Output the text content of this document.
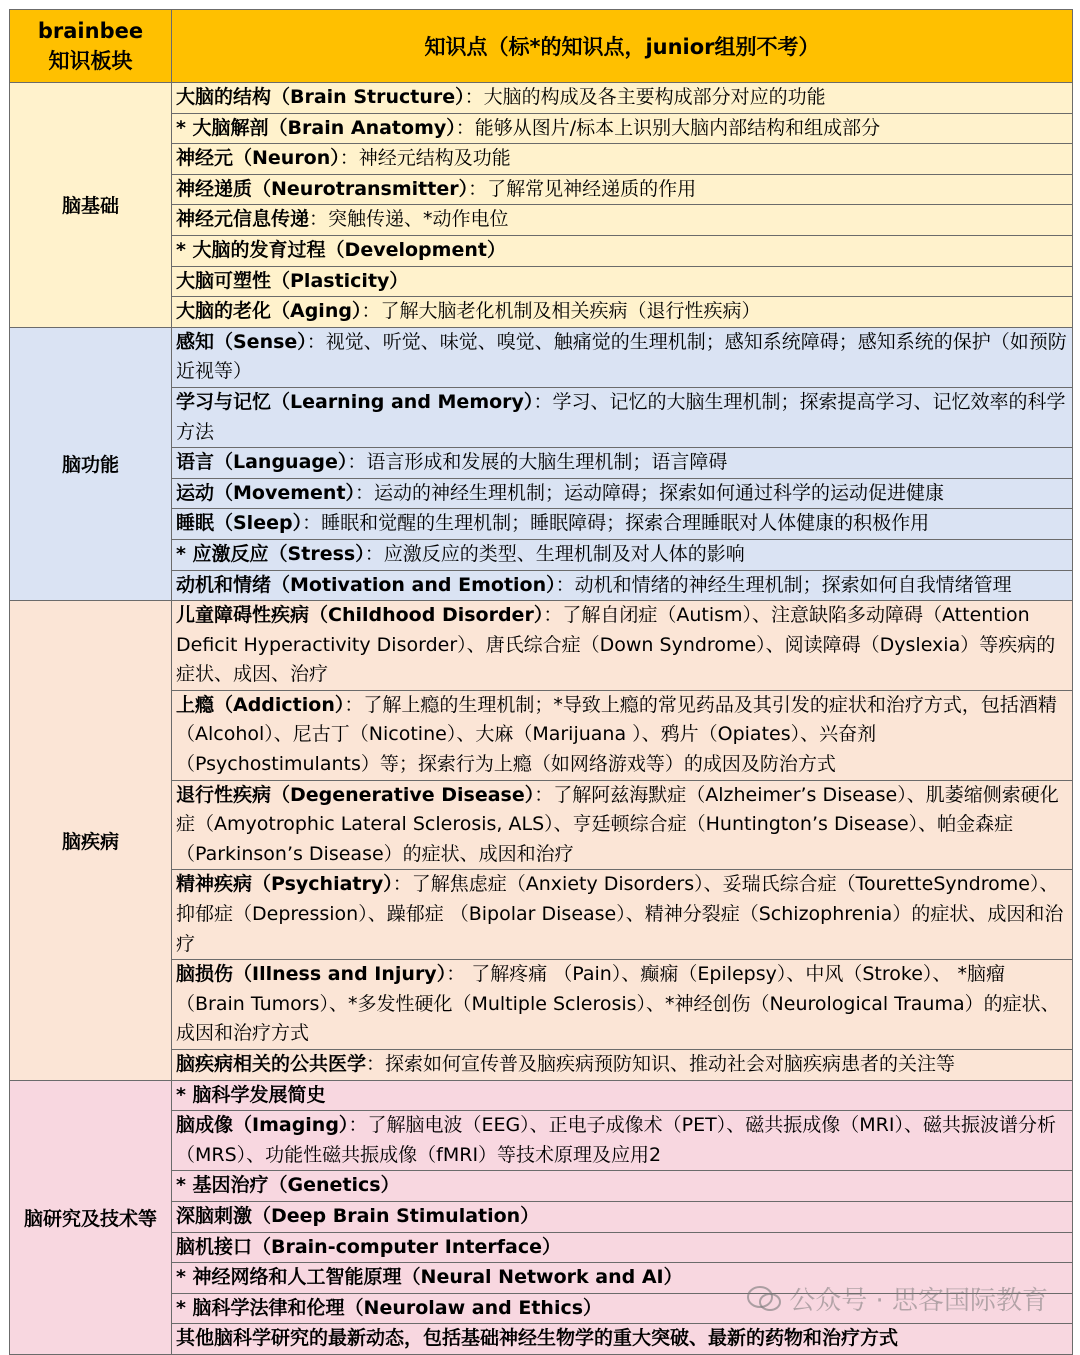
brainbee
知识板块	知识点（标*的知识点，junior组别不考）
脑基础	大脑的结构（Brain Structure）：大脑的构成及各主要构成部分对应的功能
	* 大脑解剖（Brain Anatomy）：能够从图片/标本上识别大脑内部结构和组成部分
	神经元（Neuron）：神经元结构及功能
	神经递质（Neurotransmitter）：了解常见神经递质的作用
	神经元信息传递：突触传递、*动作电位
	* 大脑的发育过程（Development）
	大脑可塑性（Plasticity）
	大脑的老化（Aging）：了解大脑老化机制及相关疾病（退行性疾病）
脑功能	感知（Sense）：视觉、听觉、味觉、嗅觉、触痛觉的生理机制；感知系统障碍；感知系统的保护（如预防近视等）
	学习与记忆（Learning and Memory）：学习、记忆的大脑生理机制；探索提高学习、记忆效率的科学方法
	语言（Language）：语言形成和发展的大脑生理机制；语言障碍
	运动（Movement）：运动的神经生理机制；运动障碍；探索如何通过科学的运动促进健康
	睡眠（Sleep）：睡眠和觉醒的生理机制；睡眠障碍；探索合理睡眠对人体健康的积极作用
	* 应激反应（Stress）：应激反应的类型、生理机制及对人体的影响
	动机和情绪（Motivation and Emotion）：动机和情绪的神经生理机制；探索如何自我情绪管理
脑疾病	儿童障碍性疾病（Childhood Disorder）：了解自闭症（Autism）、注意缺陷多动障碍（Attention Deficit Hyperactivity Disorder）、唐氏综合症（Down Syndrome）、阅读障碍（Dyslexia）等疾病的症状、成因、治疗
	上瘾（Addiction）：了解上瘾的生理机制；*导致上瘾的常见药品及其引发的症状和治疗方式，包括酒精（Alcohol）、尼古丁（Nicotine）、大麻（Marijuana ）、鸦片（Opiates）、兴奋剂（Psychostimulants）等；探索行为上瘾（如网络游戏等）的成因及防治方式
	退行性疾病（Degenerative Disease）：了解阿兹海默症（Alzheimer’s Disease）、肌萎缩侧索硬化症（Amyotrophic Lateral Sclerosis, ALS）、亨廷顿综合症（Huntington’s Disease）、帕金森症（Parkinson’s Disease）的症状、成因和治疗
	精神疾病（Psychiatry）：了解焦虑症（Anxiety Disorders）、妥瑞氏综合症（TouretteSyndrome）、抑郁症（Depression）、躁郁症 （Bipolar Disease）、精神分裂症（Schizophrenia）的症状、成因和治疗
	脑损伤（Illness and Injury）： 了解疼痛 （Pain）、癫痫（Epilepsy）、中风（Stroke）、 *脑瘤（Brain Tumors）、*多发性硬化（Multiple Sclerosis）、*神经创伤（Neurological Trauma）的症状、成因和治疗方式
	脑疾病相关的公共医学：探索如何宣传普及脑疾病预防知识、推动社会对脑疾病患者的关注等
脑研究及技术等	* 脑科学发展简史
	脑成像（Imaging）：了解脑电波（EEG）、正电子成像术（PET）、磁共振成像（MRI）、磁共振波谱分析（MRS）、功能性磁共振成像（fMRI）等技术原理及应用2
	* 基因治疗（Genetics）
	深脑刺激（Deep Brain Stimulation）
	脑机接口（Brain-computer Interface）
	* 神经网络和人工智能原理（Neural Network and AI）
	* 脑科学法律和伦理（Neurolaw and Ethics）
	其他脑科学研究的最新动态，包括基础神经生物学的重大突破、最新的药物和治疗方式
公众号 · 思客国际教育
